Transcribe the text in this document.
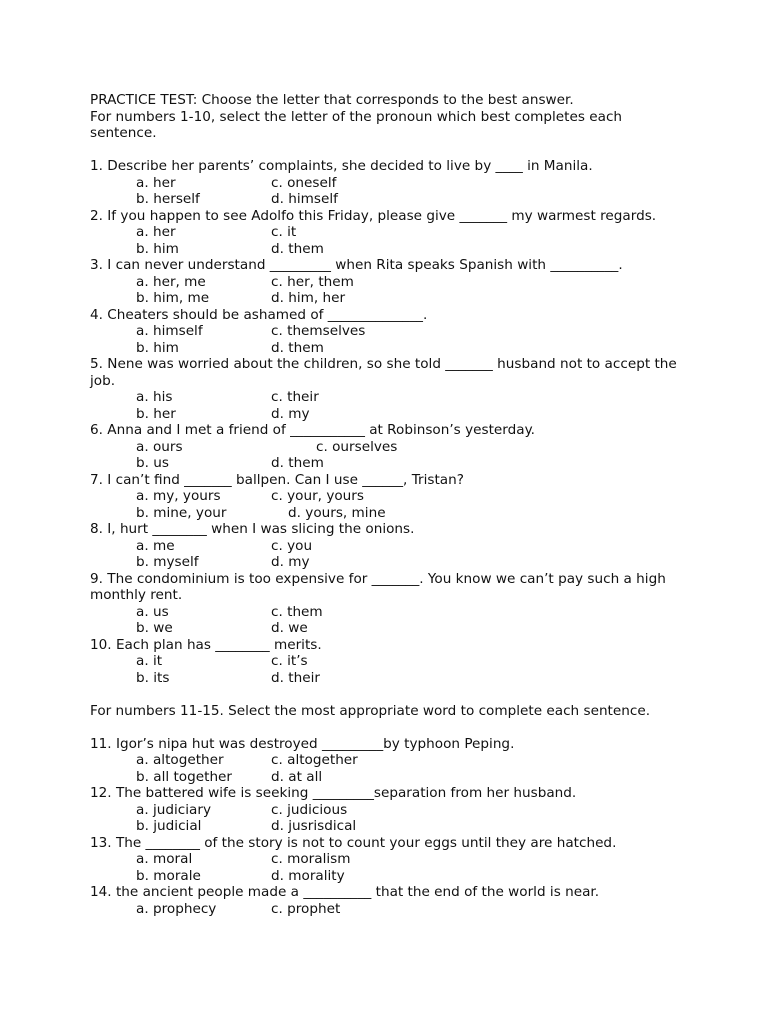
PRACTICE TEST: Choose the letter that corresponds to the best answer.
For numbers 1-10, select the letter of the pronoun which best completes each sentence.
1. Describe her parents’ complaints, she decided to live by ____ in Manila.
a. her	c. oneself
b. herself	d. himself
2. If you happen to see Adolfo this Friday, please give _______ my warmest regards.
a. her	c. it
b. him	d. them
3. I can never understand _________ when Rita speaks Spanish with __________.
a. her, me	c. her, them
b. him, me	d. him, her
4. Cheaters should be ashamed of ______________.
a. himself	c. themselves
b. him	d. them
5. Nene was worried about the children, so she told _______ husband not to accept the job.
a. his	c. their
b. her	d. my
6. Anna and I met a friend of ___________ at Robinson’s yesterday.
a. ours	c. ourselves
b. us	d. them
7. I can’t find _______ ballpen. Can I use ______, Tristan?
a. my, yours	c. your, yours
b. mine, your	d. yours, mine
8. I, hurt ________ when I was slicing the onions.
a. me	c. you
b. myself	d. my
9. The condominium is too expensive for _______. You know we can’t pay such a high monthly rent.
a. us	c. them
b. we	d. we
10. Each plan has ________ merits.
a. it	c. it’s
b. its	d. their
For numbers 11-15. Select the most appropriate word to complete each sentence.
11. Igor’s nipa hut was destroyed _________by typhoon Peping.
a. altogether	c. altogether
b. all together	d. at all
12. The battered wife is seeking _________separation from her husband.
a. judiciary	c. judicious
b. judicial	d. jusrisdical
13. The ________ of the story is not to count your eggs until they are hatched.
a. moral	c. moralism
b. morale	d. morality
14. the ancient people made a __________ that the end of the world is near.
a. prophecy	c. prophet
